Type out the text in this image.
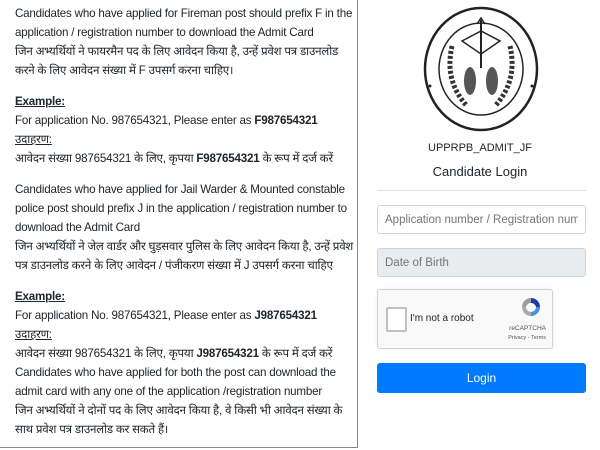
Candidates who have applied for Fireman post should prefix F in the application / registration number to download the Admit Card

जिन अभ्यर्थियों ने फायरमैन पद के लिए आवेदन किया है, उन्हें प्रवेश पत्र डाउनलोड करने के लिए आवेदन संख्या में F उपसर्ग करना चाहिए।

Example:

For application No. 987654321, Please enter as F987654321

उदाहरण:

आवेदन संख्या 987654321 के लिए, कृपया F987654321 के रूप में दर्ज करें

Candidates who have applied for Jail Warder & Mounted constable police post should prefix J in the application / registration number to download the Admit Card

जिन अभ्यर्थियों ने जेल वार्डर और घुड़सवार पुलिस के लिए आवेदन किया है, उन्हें प्रवेश पत्र डाउनलोड करने के लिए आवेदन / पंजीकरण संख्या में J उपसर्ग करना चाहिए

Example:

For application No. 987654321, Please enter as J987654321

उदाहरण:

आवेदन संख्या 987654321 के लिए, कृपया J987654321 के रूप में दर्ज करें

Candidates who have applied for both the post can download the admit card with any one of the application /registration number

जिन अभ्यर्थियों ने दोनों पद के लिए आवेदन किया है, वे किसी भी आवेदन संख्या के साथ प्रवेश पत्र डाउनलोड कर सकते हैं।

UPPRPB_ADMIT_JF
Candidate Login
Application number / Registration number
Date of Birth
I'm not a robot
reCAPTCHA
Privacy - Terms
Login
